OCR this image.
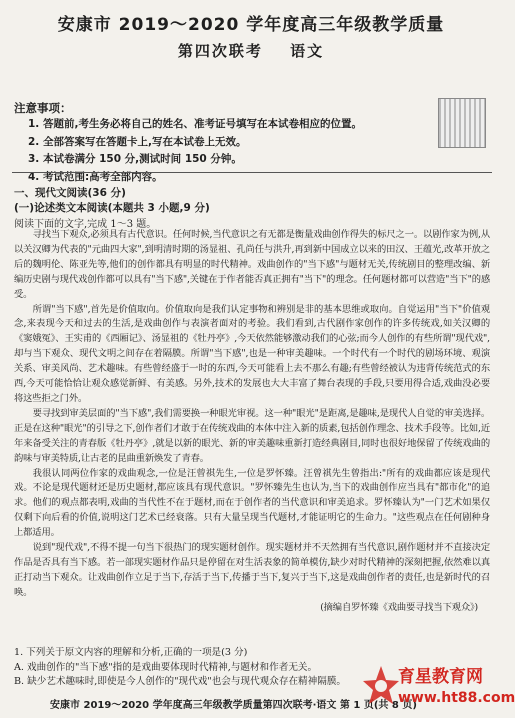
安康市 2019～2020 学年度高三年级教学质量
第四次联考 语文
注意事项：
1. 答题前,考生务必将自己的姓名、准考证号填写在本试卷相应的位置。
2. 全部答案写在答题卡上,写在本试卷上无效。
3. 本试卷满分 150 分,测试时间 150 分钟。
4. 考试范围:高考全部内容。
一、现代文阅读(36 分)
(一)论述类文本阅读(本题共 3 小题,9 分)
阅读下面的文字,完成 1～3 题。

寻找当下观众,必须具有古代意识。任何时候,当代意识之有无都是衡量戏曲创作得失的标尺之一。以剧作家为例,从以关汉卿为代表的"元曲四大家",到明清时期的汤显祖、孔尚任与洪升,再到新中国成立以来的田汉、王蕴光,改革开放之后的魏明伦、陈亚先等,他们的创作都具有明显的时代精神。戏曲创作的"当下感"与题材无关,传统剧目的整理改编、新编历史剧与现代戏创作都可以具有"当下感",关键在于作者能否真正拥有"当下"的理念。任何题材都可以营造"当下"的感受。

所谓"当下感",首先是价值取向。价值取向是我们认定事物和辨别是非的基本思维或取向。自觉运用"当下"价值观念,来表现今天和过去的生活,是戏曲创作与表演者面对的考验。我们看到,古代剧作家创作的许多传统戏,如关汉卿的《窦娥冤》、王实甫的《西厢记》、汤显祖的《牡丹亭》,今天依然能够激动我们的心弦;而今人创作的有些所谓"现代戏",却与当下观众、现代文明之间存在着隔膜。所谓"当下感",也是一种审美趣味。一个时代有一个时代的剧场环境、观演关系、审美风尚、艺术趣味。有些曾经盛于一时的东西,今天可能看上去不那么有趣;有些曾经被认为违背传统范式的东西,今天可能恰恰让观众感觉新鲜、有美感。另外,技术的发展也大大丰富了舞台表现的手段,只要用得合适,戏曲没必要将这些拒之门外。

要寻找到审美层面的"当下感",我们需要换一种眼光审视。这一种"眼光"是距离,是趣味,是现代人自觉的审美选择。正是在这种"眼光"的引导之下,创作者们才敢于在传统戏曲的本体中注入新的质素,包括创作理念、技术手段等。比如,近年来备受关注的青春版《牡丹亭》,就是以新的眼光、新的审美趣味重新打造经典剧目,同时也很好地保留了传统戏曲的韵味与审美特质,让古老的昆曲重新焕发了青春。

我很认同两位作家的戏曲观念,一位是汪曾祺先生,一位是罗怀臻。汪曾祺先生曾指出:"所有的戏曲都应该是现代戏。不论是现代题材还是历史题材,都应该具有现代意识。"罗怀臻先生也认为,当下的戏曲创作应当具有"都市化"的追求。他们的观点都表明,戏曲的当代性不在于题材,而在于创作者的当代意识和审美追求。罗怀臻认为"一门艺术如果仅仅剩下向后看的价值,说明这门艺术已经衰落。只有大量呈现当代题材,才能证明它的生命力。"这些观点在任何剧种身上都适用。

说到"现代戏",不得不提一句当下很热门的现实题材创作。现实题材并不天然拥有当代意识,剧作题材并不直接决定作品是否具有当下感。若一部现实题材作品只是停留在对生活表象的简单模仿,缺少对时代精神的深刻把握,依然难以真正打动当下观众。让戏曲创作立足于当下,存活于当下,传播于当下,复兴于当下,这是戏曲创作者的责任,也是新时代的召唤。

(摘编自罗怀臻《戏曲要寻找当下观众》)

1. 下列关于原文内容的理解和分析,正确的一项是(3 分)
A. 戏曲创作的"当下感"指的是戏曲要体现时代精神,与题材和作者无关。
B. 缺少艺术趣味时,即使是今人创作的"现代戏"也会与现代观众存在精神隔膜。
安康市 2019～2020 学年度高三年级教学质量第四次联考·语文 第 1 页(共 8 页)
育星教育网
www.ht88.com
